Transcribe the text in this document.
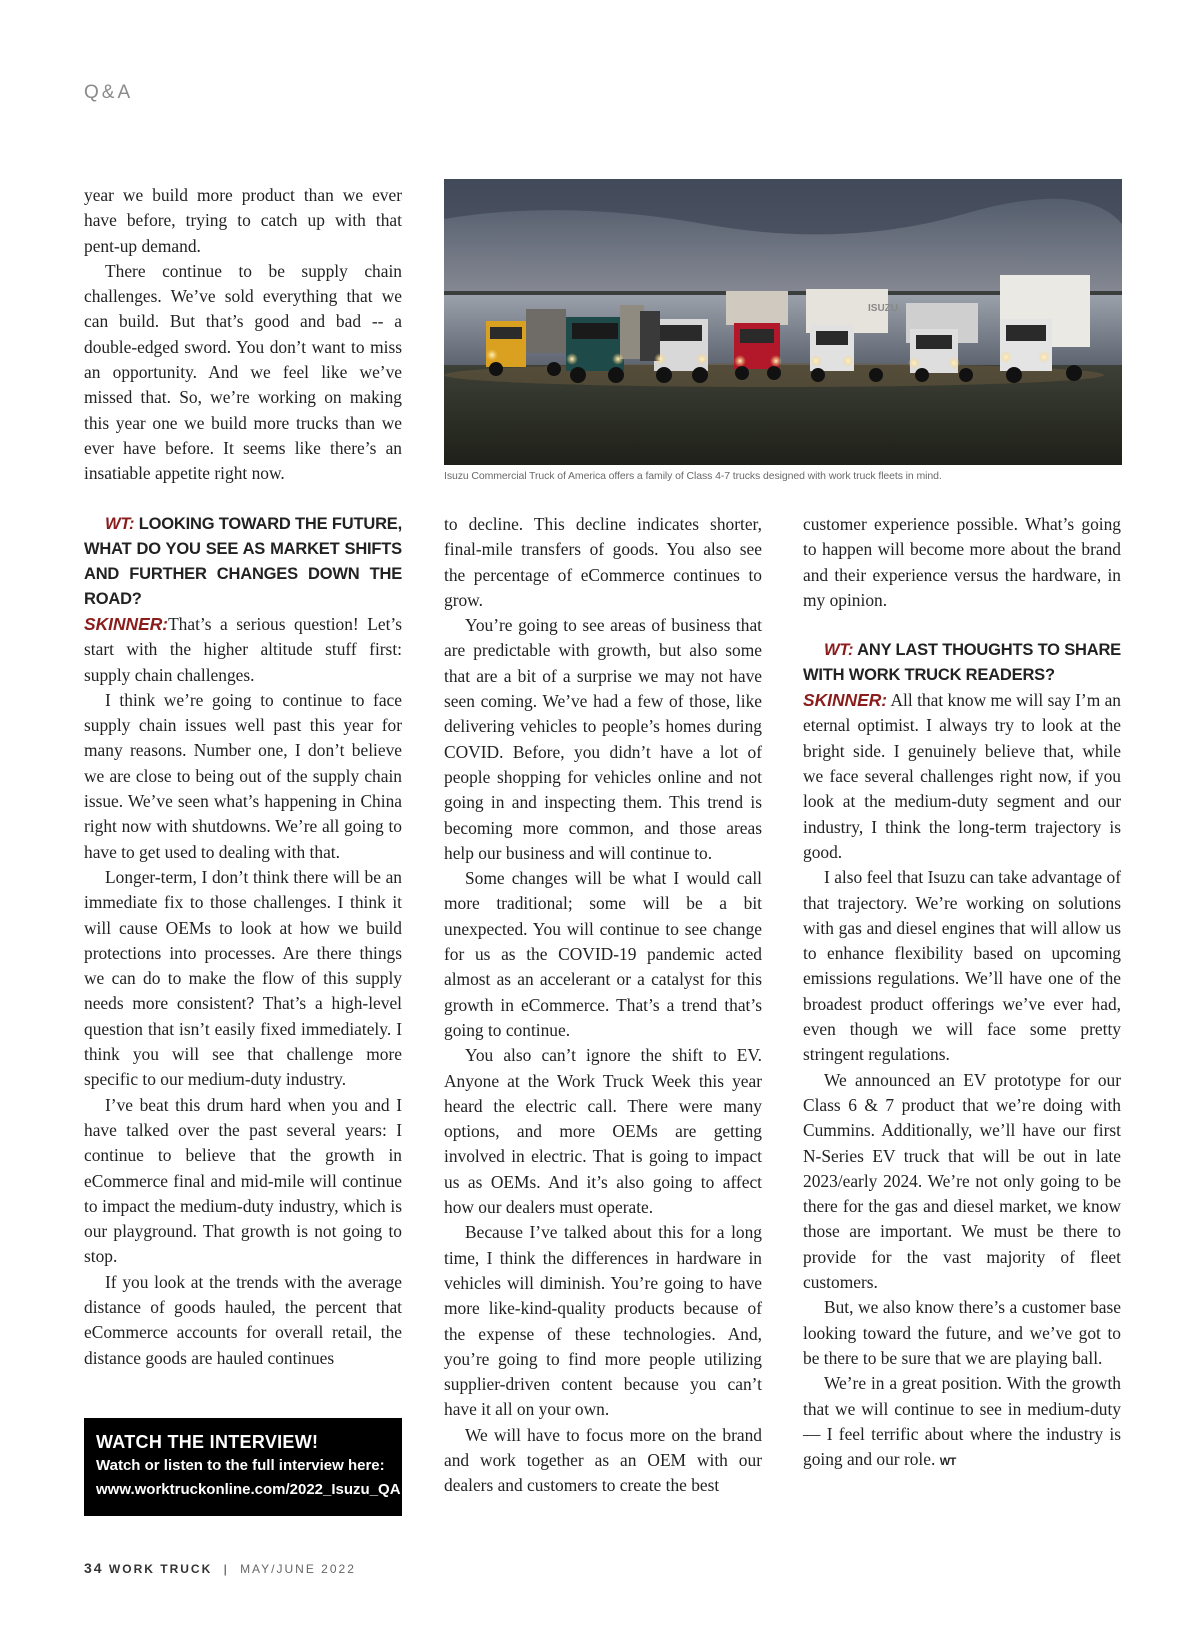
Q&A

year we build more product than we ever have before, trying to catch up with that pent-up demand.

There continue to be supply chain challenges. We’ve sold everything that we can build. But that’s good and bad -- a double-edged sword. You don’t want to miss an opportunity. And we feel like we’ve missed that. So, we’re working on making this year one we build more trucks than we ever have before. It seems like there’s an insatiable appetite right now.

ISUZU
Isuzu Commercial Truck of America offers a family of Class 4-7 trucks designed with work truck fleets in mind.

WT: LOOKING TOWARD THE FUTURE, WHAT DO YOU SEE AS MARKET SHIFTS AND FURTHER CHANGES DOWN THE ROAD?

SKINNER:That’s a serious question! Let’s start with the higher altitude stuff first: supply chain challenges.

I think we’re going to continue to face supply chain issues well past this year for many reasons. Number one, I don’t believe we are close to being out of the supply chain issue. We’ve seen what’s happening in China right now with shutdowns. We’re all going to have to get used to dealing with that.

Longer-term, I don’t think there will be an immediate fix to those challenges. I think it will cause OEMs to look at how we build protections into processes. Are there things we can do to make the flow of this supply needs more consistent? That’s a high-level question that isn’t easily fixed immediately. I think you will see that challenge more specific to our medium-duty industry.

I’ve beat this drum hard when you and I have talked over the past several years: I continue to believe that the growth in eCommerce final and mid-mile will continue to impact the medium-duty industry, which is our playground. That growth is not going to stop.

If you look at the trends with the average distance of goods hauled, the percent that eCommerce accounts for overall retail, the distance goods are hauled continues

WATCH THE INTERVIEW!
Watch or listen to the full interview here:
www.worktruckonline.com/2022_Isuzu_QA

to decline. This decline indicates shorter, final-mile transfers of goods. You also see the percentage of eCommerce continues to grow.

You’re going to see areas of business that are predictable with growth, but also some that are a bit of a surprise we may not have seen coming. We’ve had a few of those, like delivering vehicles to people’s homes during COVID. Before, you didn’t have a lot of people shopping for vehicles online and not going in and inspecting them. This trend is becoming more common, and those areas help our business and will continue to.

Some changes will be what I would call more traditional; some will be a bit unexpected. You will continue to see change for us as the COVID-19 pandemic acted almost as an accelerant or a catalyst for this growth in eCommerce. That’s a trend that’s going to continue.

You also can’t ignore the shift to EV. Anyone at the Work Truck Week this year heard the electric call. There were many options, and more OEMs are getting involved in electric. That is going to impact us as OEMs. And it’s also going to affect how our dealers must operate.

Because I’ve talked about this for a long time, I think the differences in hardware in vehicles will diminish. You’re going to have more like-kind-quality products because of the expense of these technologies. And, you’re going to find more people utilizing supplier-driven content because you can’t have it all on your own.

We will have to focus more on the brand and work together as an OEM with our dealers and customers to create the best

customer experience possible. What’s going to happen will become more about the brand and their experience versus the hardware, in my opinion.

WT: ANY LAST THOUGHTS TO SHARE WITH WORK TRUCK READERS?

SKINNER: All that know me will say I’m an eternal optimist. I always try to look at the bright side. I genuinely believe that, while we face several challenges right now, if you look at the medium-duty segment and our industry, I think the long-term trajectory is good.

I also feel that Isuzu can take advantage of that trajectory. We’re working on solutions with gas and diesel engines that will allow us to enhance flexibility based on upcoming emissions regulations. We’ll have one of the broadest product offerings we’ve ever had, even though we will face some pretty stringent regulations.

We announced an EV prototype for our Class 6 & 7 product that we’re doing with Cummins. Additionally, we’ll have our first N-Series EV truck that will be out in late 2023/early 2024. We’re not only going to be there for the gas and diesel market, we know those are important. We must be there to provide for the vast majority of fleet customers.

But, we also know there’s a customer base looking toward the future, and we’ve got to be there to be sure that we are playing ball.

We’re in a great position. With the growth that we will continue to see in medium-duty — I feel terrific about where the industry is going and our role. WT

34 WORK TRUCK | MAY/JUNE 2022
